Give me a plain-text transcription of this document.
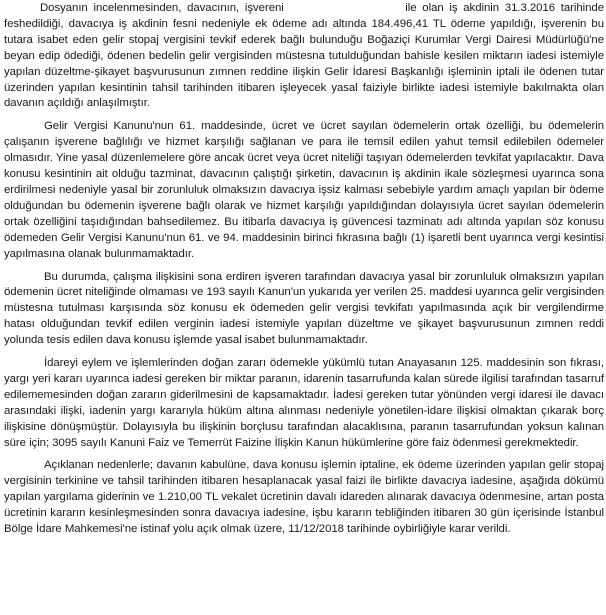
Dosyanın incelenmesinden, davacının, işvereni	ile olan iş akdinin 31.3.2016 tarihinde feshedildiği, davacıya iş akdinin fesni nedeniyle ek ödeme adı altında 184.496,41 TL ödeme yapıldığı, işverenin bu tutara isabet eden gelir stopaj vergisini tevkif ederek bağlı bulunduğu Boğaziçi Kurumlar Vergi Dairesi Müdürlüğü'ne beyan edip ödediği, ödenen bedelin gelir vergisinden müstesna tutulduğundan bahisle kesilen miktarın iadesi istemiyle yapılan düzeltme-şikayet başvurusunun zımnen reddine ilişkin Gelir İdaresi Başkanlığı işleminin iptali ile ödenen tutar üzerinden yapılan kesintinin tahsil tarihinden itibaren işleyecek yasal faiziyle birlikte iadesi istemiyle bakılmakta olan davanın açıldığı anlaşılmıştır.

Gelir Vergisi Kanunu'nun 61. maddesinde, ücret ve ücret sayılan ödemelerin ortak özelliği, bu ödemelerin çalışanın işverene bağlılığı ve hizmet karşılığı sağlanan ve para ile temsil edilen yahut temsil edilebilen ödemeler olmasıdır. Yine yasal düzenlemelere göre ancak ücret veya ücret niteliği taşıyan ödemelerden tevkifat yapılacaktır. Dava konusu kesintinin ait olduğu tazminat, davacının çalıştığı şirketin, davacının iş akdinin ikale sözleşmesi uyarınca sona erdirilmesi nedeniyle yasal bir zorunluluk olmaksızın davacıya işsiz kalması sebebiyle yardım amaçlı yapılan bir ödeme olduğundan bu ödemenin işverene bağlı olarak ve hizmet karşılığı yapıldığından dolayısıyla ücret sayılan ödemelerin ortak özelliğini taşıdığından bahsedilemez. Bu itibarla davacıya iş güvencesi tazminatı adı altında yapılan söz konusu ödemeden Gelir Vergisi Kanunu'nun 61. ve 94. maddesinin birinci fıkrasına bağlı (1) işaretli bent uyarınca vergi kesintisi yapılmasına olanak bulunmamaktadır.

Bu durumda, çalışma ilişkisini sona erdiren işveren tarafından davacıya yasal bir zorunluluk olmaksızın yapılan ödemenin ücret niteliğinde olmaması ve 193 sayılı Kanun'un yukarıda yer verilen 25. maddesi uyarınca gelir vergisinden müstesna tutulması karşısında söz konusu ek ödemeden gelir vergisi tevkifatı yapılmasında açık bir vergilendirme hatası olduğundan tevkif edilen verginin iadesi istemiyle yapılan düzeltme ve şikayet başvurusunun zımnen reddi yolunda tesis edilen dava konusu işlemde yasal isabet bulunmamaktadır.

İdareyi eylem ve işlemlerinden doğan zararı ödemekle yükümlü tutan Anayasanın 125. maddesinin son fıkrası, yargı yeri kararı uyarınca iadesi gereken bir miktar paranın, idarenin tasarrufunda kalan sürede ilgilisi tarafından tasarruf edilememesinden doğan zararın giderilmesini de kapsamaktadır. İadesi gereken tutar yönünden vergi idaresi ile davacı arasındaki ilişki, iadenin yargı kararıyla hüküm altına alınması nedeniyle yönetilen-idare ilişkisi olmaktan çıkarak borç ilişkisine dönüşmüştür. Dolayısıyla bu ilişkinin borçlusu tarafından alacaklısına, paranın tasarrufundan yoksun kalınan süre için; 3095 sayılı Kanuni Faiz ve Temerrüt Faizine İlişkin Kanun hükümlerine göre faiz ödenmesi gerekmektedir.

Açıklanan nedenlerle; davanın kabulüne, dava konusu işlemin iptaline, ek ödeme üzerinden yapılan gelir stopaj vergisinin terkinine ve tahsil tarihinden itibaren hesaplanacak yasal faizi ile birlikte davacıya iadesine, aşağıda dökümü yapılan yargılama giderinin ve 1.210,00 TL vekalet ücretinin davalı idareden alınarak davacıya ödenmesine, artan posta ücretinin kararın kesinleşmesinden sonra davacıya iadesine, işbu kararın tebliğinden itibaren 30 gün içerisinde İstanbul Bölge İdare Mahkemesi'ne istinaf yolu açık olmak üzere, 11/12/2018 tarihinde oybirliğiyle karar verildi.
